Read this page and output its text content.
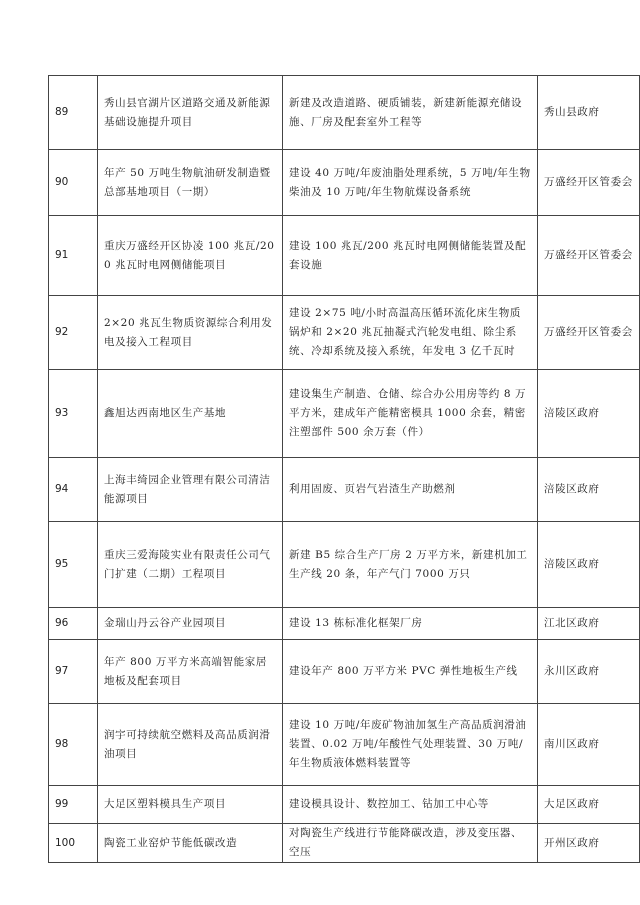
89	秀山县官湖片区道路交通及新能源基础设施提升项目	新建及改造道路、硬质铺装，新建新能源充储设施、厂房及配套室外工程等	秀山县政府

90	年产 50 万吨生物航油研发制造暨总部基地项目（一期）	建设 40 万吨/年废油脂处理系统，5 万吨/年生物柴油及 10 万吨/年生物航煤设备系统	万盛经开区管委会

91	重庆万盛经开区协凌 100 兆瓦/200 兆瓦时电网侧储能项目	建设 100 兆瓦/200 兆瓦时电网侧储能装置及配套设施	万盛经开区管委会

92	2×20 兆瓦生物质资源综合利用发电及接入工程项目	建设 2×75 吨/小时高温高压循环流化床生物质锅炉和 2×20 兆瓦抽凝式汽轮发电组、除尘系统、冷却系统及接入系统，年发电 3 亿千瓦时	万盛经开区管委会

93	鑫旭达西南地区生产基地	建设集生产制造、仓储、综合办公用房等约 8 万平方米，建成年产能精密模具 1000 余套，精密注塑部件 500 余万套（件）	涪陵区政府

94	上海丰绮园企业管理有限公司清洁能源项目	利用固废、页岩气岩渣生产助燃剂	涪陵区政府

95	重庆三爱海陵实业有限责任公司气门扩建（二期）工程项目	新建 B5 综合生产厂房 2 万平方米，新建机加工生产线 20 条，年产气门 7000 万只	涪陵区政府

96	金瑞山丹云谷产业园项目	建设 13 栋标准化框架厂房	江北区政府

97	年产 800 万平方米高端智能家居地板及配套项目	建设年产 800 万平方米 PVC 弹性地板生产线	永川区政府

98	润宇可持续航空燃料及高品质润滑油项目	建设 10 万吨/年废矿物油加氢生产高品质润滑油装置、0.02 万吨/年酸性气处理装置、30 万吨/年生物质液体燃料装置等	南川区政府

99	大足区塑料模具生产项目	建设模具设计、数控加工、钻加工中心等	大足区政府

100	陶瓷工业窑炉节能低碳改造	对陶瓷生产线进行节能降碳改造，涉及变压器、空压	开州区政府
